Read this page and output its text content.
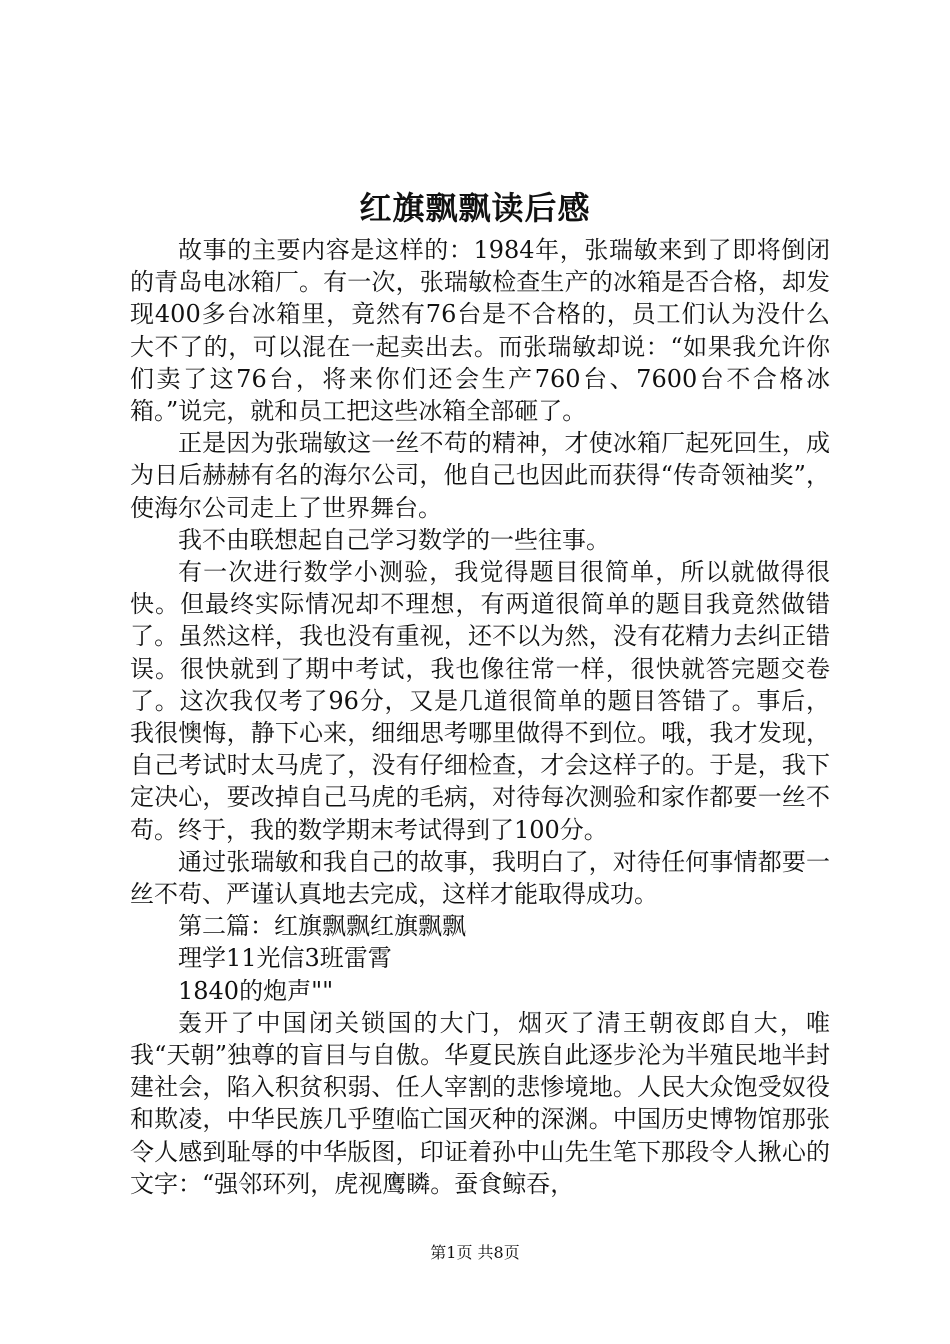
红旗飘飘读后感

故事的主要内容是这样的：1984年，张瑞敏来到了即将倒闭的青岛电冰箱厂。有一次，张瑞敏检查生产的冰箱是否合格，却发现400多台冰箱里，竟然有76台是不合格的，员工们认为没什么大不了的，可以混在一起卖出去。而张瑞敏却说：“如果我允许你们卖了这76台，将来你们还会生产760台、7600台不合格冰箱。”说完，就和员工把这些冰箱全部砸了。

正是因为张瑞敏这一丝不苟的精神，才使冰箱厂起死回生，成为日后赫赫有名的海尔公司，他自己也因此而获得“传奇领袖奖”，使海尔公司走上了世界舞台。

我不由联想起自己学习数学的一些往事。

有一次进行数学小测验，我觉得题目很简单，所以就做得很快。但最终实际情况却不理想，有两道很简单的题目我竟然做错了。虽然这样，我也没有重视，还不以为然，没有花精力去纠正错误。很快就到了期中考试，我也像往常一样，很快就答完题交卷了。这次我仅考了96分，又是几道很简单的题目答错了。事后，我很懊悔，静下心来，细细思考哪里做得不到位。哦，我才发现，自己考试时太马虎了，没有仔细检查，才会这样子的。于是，我下定决心，要改掉自己马虎的毛病，对待每次测验和家作都要一丝不苟。终于，我的数学期末考试得到了100分。

通过张瑞敏和我自己的故事，我明白了，对待任何事情都要一丝不苟、严谨认真地去完成，这样才能取得成功。

第二篇：红旗飘飘红旗飘飘

理学11光信3班雷霄

1840的炮声""

轰开了中国闭关锁国的大门，烟灭了清王朝夜郎自大，唯我“天朝”独尊的盲目与自傲。华夏民族自此逐步沦为半殖民地半封建社会，陷入积贫积弱、任人宰割的悲惨境地。人民大众饱受奴役和欺凌，中华民族几乎堕临亡国灭种的深渊。中国历史博物馆那张令人感到耻辱的中华版图，印证着孙中山先生笔下那段令人揪心的文字：“强邻环列，虎视鹰瞵。蚕食鲸吞，

第1页 共8页
